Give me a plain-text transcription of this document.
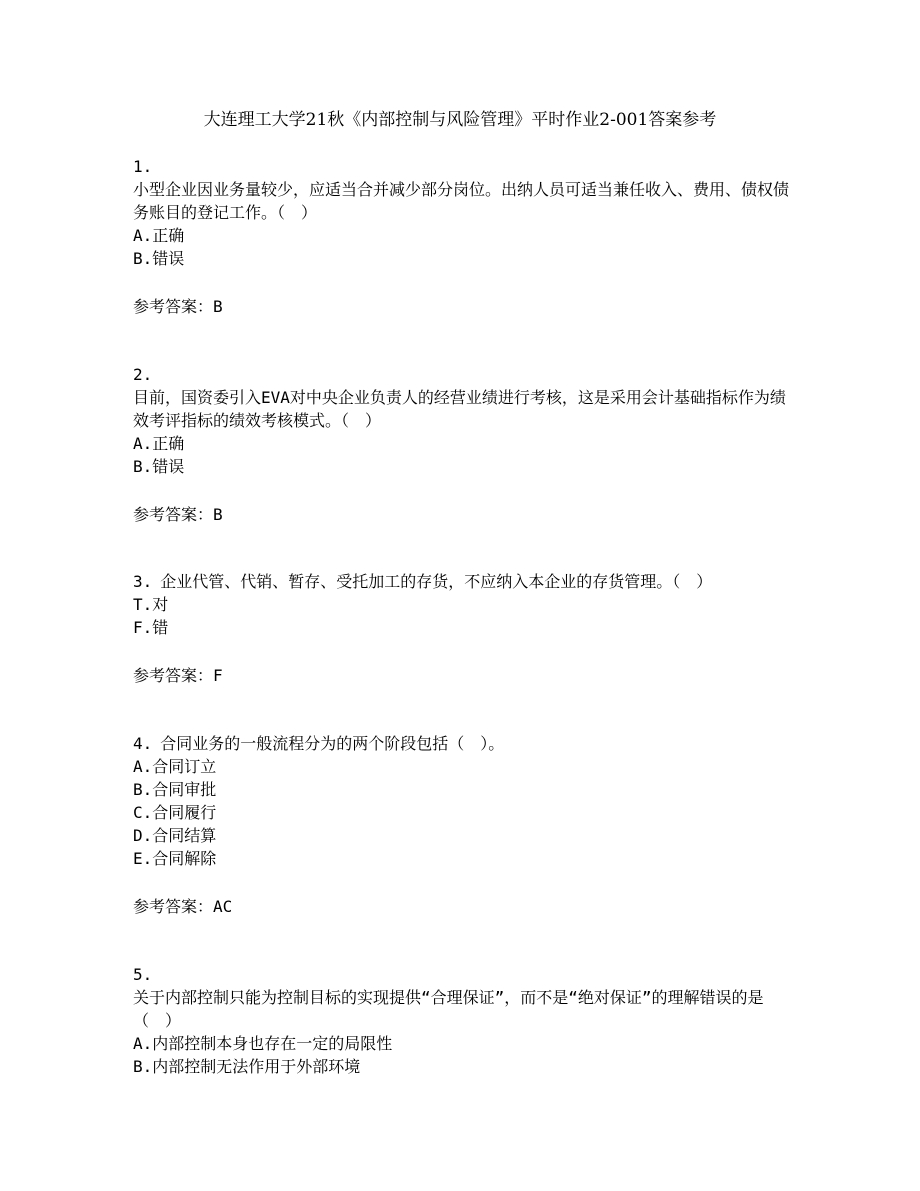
大连理工大学21秋《内部控制与风险管理》平时作业2-001答案参考
1.
小型企业因业务量较少，应适当合并减少部分岗位。出纳人员可适当兼任收入、费用、债权债务账目的登记工作。（　）
A.正确
B.错误
参考答案：B
2.
目前，国资委引入EVA对中央企业负责人的经营业绩进行考核，这是采用会计基础指标作为绩效考评指标的绩效考核模式。（　）
A.正确
B.错误
参考答案：B
3. 企业代管、代销、暂存、受托加工的存货，不应纳入本企业的存货管理。（　）
T.对
F.错
参考答案：F
4. 合同业务的一般流程分为的两个阶段包括（　）。
A.合同订立
B.合同审批
C.合同履行
D.合同结算
E.合同解除
参考答案：AC
5.
关于内部控制只能为控制目标的实现提供“合理保证”，而不是“绝对保证”的理解错误的是（　）
A.内部控制本身也存在一定的局限性
B.内部控制无法作用于外部环境
